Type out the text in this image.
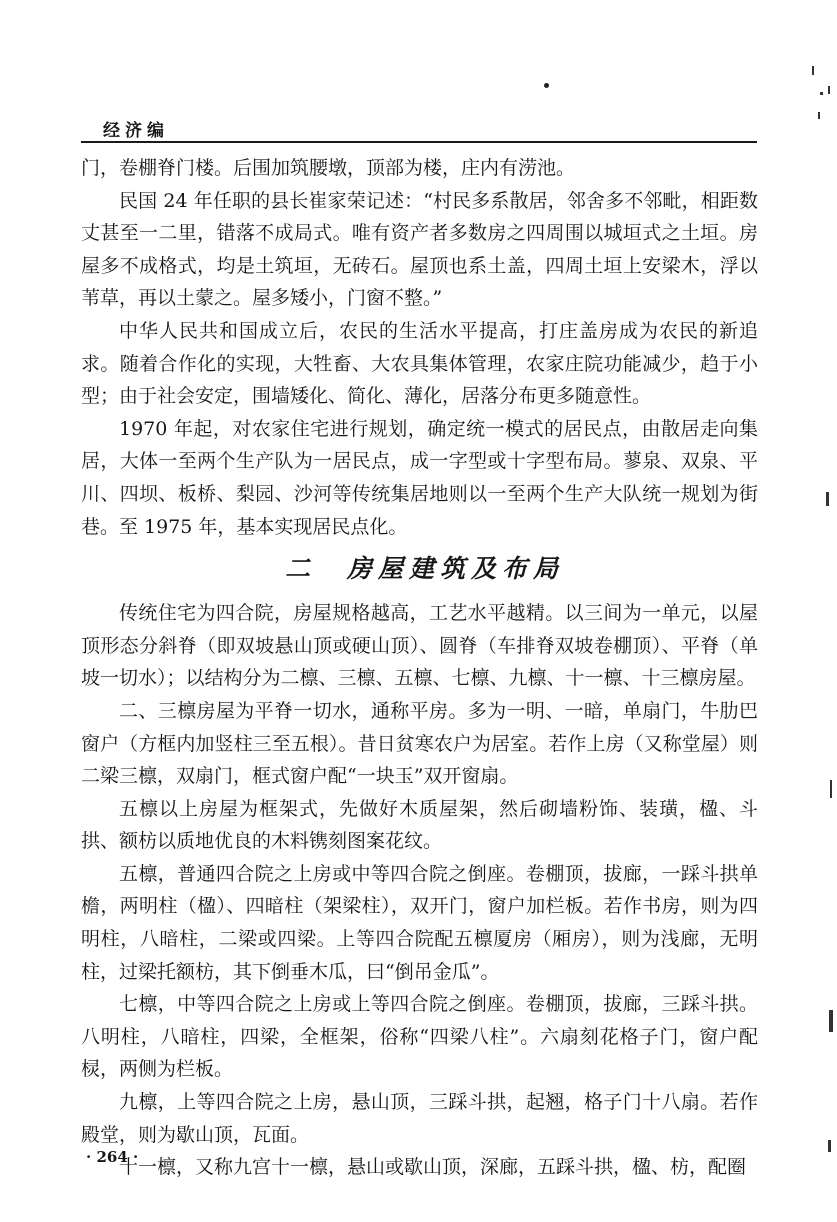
经济编

门，卷棚脊门楼。后围加筑腰墩，顶部为楼，庄内有涝池。

民国 24 年任职的县长崔家荣记述：“村民多系散居，邻舍多不邻毗，相距数丈甚至一二里，错落不成局式。唯有资产者多数房之四周围以城垣式之土垣。房屋多不成格式，均是土筑垣，无砖石。屋顶也系土盖，四周土垣上安梁木，浮以苇草，再以土蒙之。屋多矮小，门窗不整。”

中华人民共和国成立后，农民的生活水平提高，打庄盖房成为农民的新追求。随着合作化的实现，大牲畜、大农具集体管理，农家庄院功能减少，趋于小型；由于社会安定，围墙矮化、简化、薄化，居落分布更多随意性。

1970 年起，对农家住宅进行规划，确定统一模式的居民点，由散居走向集居，大体一至两个生产队为一居民点，成一字型或十字型布局。蓼泉、双泉、平川、四坝、板桥、梨园、沙河等传统集居地则以一至两个生产大队统一规划为街巷。至 1975 年，基本实现居民点化。

二　房屋建筑及布局

传统住宅为四合院，房屋规格越高，工艺水平越精。以三间为一单元，以屋顶形态分斜脊（即双坡悬山顶或硬山顶）、圆脊（车排脊双坡卷棚顶）、平脊（单坡一切水）；以结构分为二檩、三檩、五檩、七檩、九檩、十一檩、十三檩房屋。

二、三檩房屋为平脊一切水，通称平房。多为一明、一暗，单扇门，牛肋巴窗户（方框内加竖柱三至五根）。昔日贫寒农户为居室。若作上房（又称堂屋）则二梁三檩，双扇门，框式窗户配“一块玉”双开窗扇。

五檩以上房屋为框架式，先做好木质屋架，然后砌墙粉饰、装璜，楹、斗拱、额枋以质地优良的木料镌刻图案花纹。

五檩，普通四合院之上房或中等四合院之倒座。卷棚顶，拔廊，一踩斗拱单檐，两明柱（楹）、四暗柱（架梁柱），双开门，窗户加栏板。若作书房，则为四明柱，八暗柱，二梁或四梁。上等四合院配五檩厦房（厢房），则为浅廊，无明柱，过梁托额枋，其下倒垂木瓜，曰“倒吊金瓜”。

七檩，中等四合院之上房或上等四合院之倒座。卷棚顶，拔廊，三踩斗拱。八明柱，八暗柱，四梁，全框架，俗称“四梁八柱”。六扇刻花格子门，窗户配棂，两侧为栏板。

九檩，上等四合院之上房，悬山顶，三踩斗拱，起翘，格子门十八扇。若作殿堂，则为歇山顶，瓦面。

十一檩，又称九宫十一檩，悬山或歇山顶，深廊，五踩斗拱，楹、枋，配圈

· 264 ·
